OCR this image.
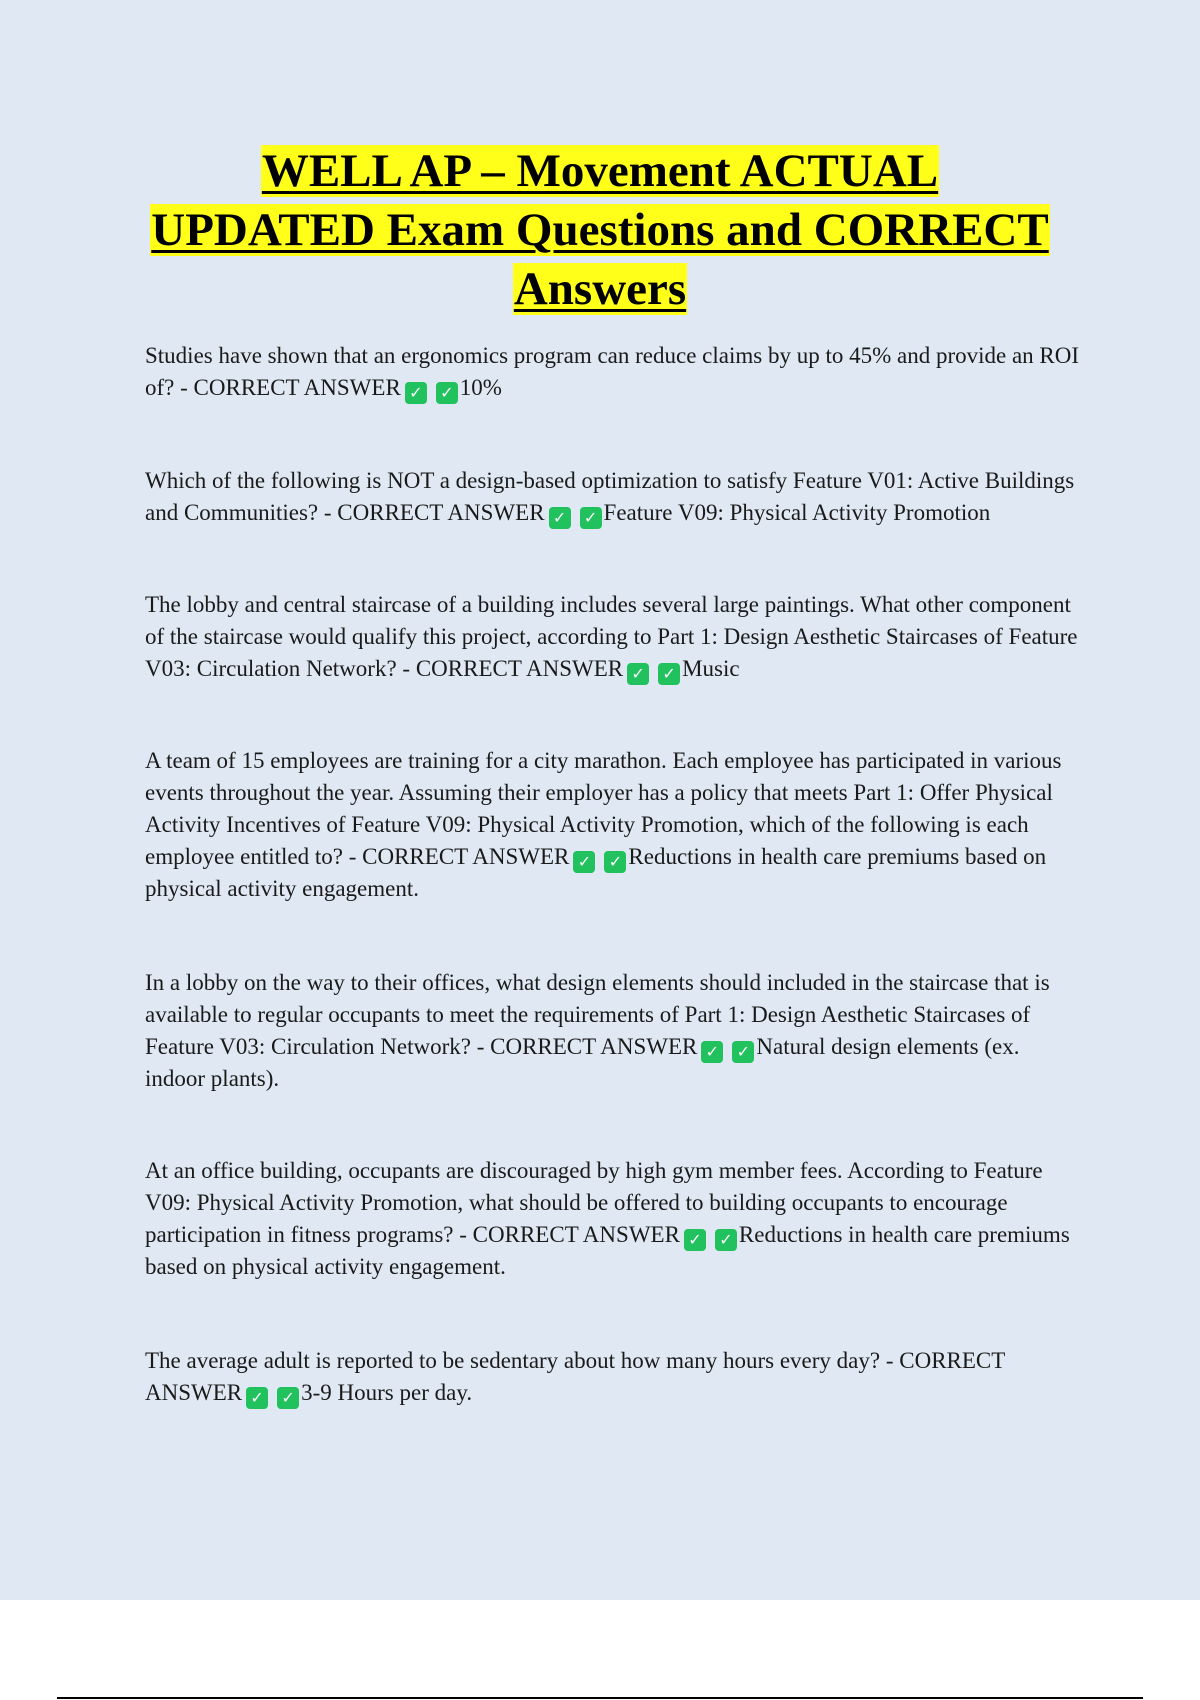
WELL AP – Movement ACTUAL
UPDATED Exam Questions and CORRECT
Answers

Studies have shown that an ergonomics program can reduce claims by up to 45% and provide an ROI of? - CORRECT ANSWER ✓ ✓ 10%

Which of the following is NOT a design-based optimization to satisfy Feature V01: Active Buildings and Communities? - CORRECT ANSWER ✓ ✓ Feature V09: Physical Activity Promotion

The lobby and central staircase of a building includes several large paintings. What other component of the staircase would qualify this project, according to Part 1: Design Aesthetic Staircases of Feature V03: Circulation Network? - CORRECT ANSWER ✓ ✓ Music

A team of 15 employees are training for a city marathon. Each employee has participated in various events throughout the year. Assuming their employer has a policy that meets Part 1: Offer Physical Activity Incentives of Feature V09: Physical Activity Promotion, which of the following is each employee entitled to? - CORRECT ANSWER ✓ ✓ Reductions in health care premiums based on physical activity engagement.

In a lobby on the way to their offices, what design elements should included in the staircase that is available to regular occupants to meet the requirements of Part 1: Design Aesthetic Staircases of Feature V03: Circulation Network? - CORRECT ANSWER ✓ ✓ Natural design elements (ex. indoor plants).

At an office building, occupants are discouraged by high gym member fees. According to Feature V09: Physical Activity Promotion, what should be offered to building occupants to encourage participation in fitness programs? - CORRECT ANSWER ✓ ✓ Reductions in health care premiums based on physical activity engagement.

The average adult is reported to be sedentary about how many hours every day? - CORRECT ANSWER ✓ ✓ 3-9 Hours per day.
